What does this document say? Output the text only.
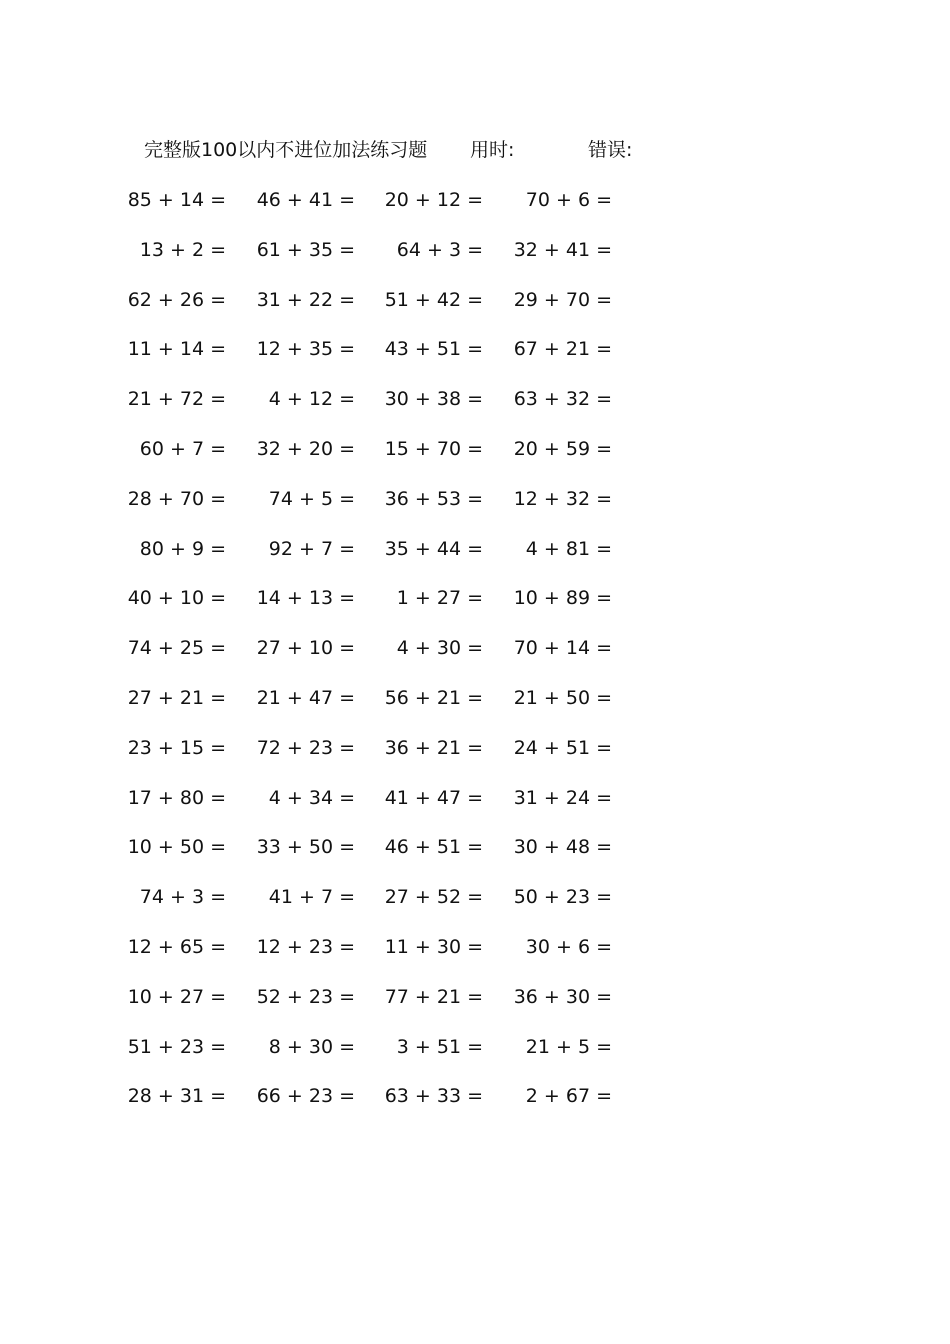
完整版100以内不进位加法练习题 用时:	错误:
85 + 14 = 46 + 41 = 20 + 12 =	70 + 6 =
13 + 2 = 61 + 35 =	64 + 3 = 32 + 41 =
62 + 26 = 31 + 22 = 51 + 42 = 29 + 70 =
11 + 14 = 12 + 35 = 43 + 51 = 67 + 21 =
21 + 72 =	4 + 12 = 30 + 38 = 63 + 32 =
60 + 7 = 32 + 20 = 15 + 70 = 20 + 59 =
28 + 70 =	74 + 5 = 36 + 53 = 12 + 32 =
80 + 9 =	92 + 7 = 35 + 44 =	4 + 81 =
40 + 10 = 14 + 13 =	1 + 27 = 10 + 89 =
74 + 25 = 27 + 10 =	4 + 30 = 70 + 14 =
27 + 21 = 21 + 47 = 56 + 21 = 21 + 50 =
23 + 15 = 72 + 23 = 36 + 21 = 24 + 51 =
17 + 80 =	4 + 34 = 41 + 47 = 31 + 24 =
10 + 50 = 33 + 50 = 46 + 51 = 30 + 48 =
74 + 3 =	41 + 7 = 27 + 52 = 50 + 23 =
12 + 65 = 12 + 23 = 11 + 30 =	30 + 6 =
10 + 27 = 52 + 23 = 77 + 21 = 36 + 30 =
51 + 23 =	8 + 30 =	3 + 51 =	21 + 5 =
28 + 31 = 66 + 23 = 63 + 33 =	2 + 67 =
